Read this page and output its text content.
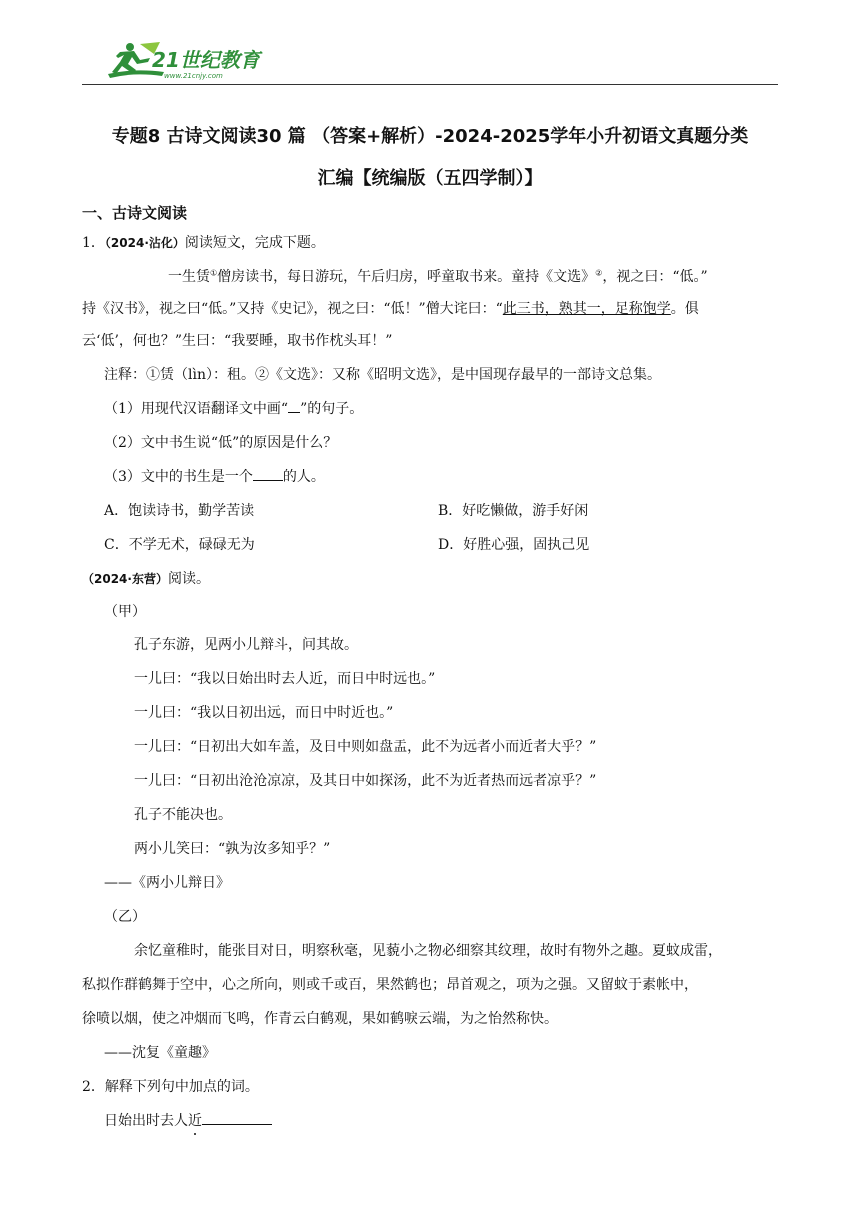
21世纪教育
www.21cnjy.com
专题8 古诗文阅读30 篇 （答案+解析）-2024-2025学年小升初语文真题分类
汇编【统编版（五四学制）】
一、古诗文阅读
1．（2024·沾化）阅读短文，完成下题。
一生赁①僧房读书，每日游玩，午后归房，呼童取书来。童持《文选》②，视之曰：“低。”
持《汉书》，视之曰“低。”又持《史记》，视之曰：“低！”僧大诧曰：“此三书，熟其一，足称饱学。俱
云‘低’，何也？”生曰：“我要睡，取书作枕头耳！”
注释：①赁（lìn）：租。②《文选》：又称《昭明文选》，是中国现存最早的一部诗文总集。
（1）用现代汉语翻译文中画“ ”的句子。
（2）文中书生说“低”的原因是什么？
（3）文中的书生是一个 的人。
A．饱读诗书，勤学苦读	B．好吃懒做，游手好闲
C．不学无术，碌碌无为	D．好胜心强，固执己见
（2024·东营）阅读。
（甲）
孔子东游，见两小儿辩斗，问其故。
一儿曰：“我以日始出时去人近，而日中时远也。”
一儿曰：“我以日初出远，而日中时近也。”
一儿曰：“日初出大如车盖，及日中则如盘盂，此不为远者小而近者大乎？”
一儿曰：“日初出沧沧凉凉，及其日中如探汤，此不为近者热而远者凉乎？”
孔子不能决也。
两小儿笑曰：“孰为汝多知乎？”
——《两小儿辩日》
（乙）
余忆童稚时，能张目对日，明察秋毫，见藐小之物必细察其纹理，故时有物外之趣。夏蚊成雷，
私拟作群鹤舞于空中，心之所向，则或千或百，果然鹤也；昂首观之，项为之强。又留蚊于素帐中，
徐喷以烟，使之冲烟而飞鸣，作青云白鹤观，果如鹤唳云端，为之怡然称快。
——沈复《童趣》
2．解释下列句中加点的词。
日始出时去人近
